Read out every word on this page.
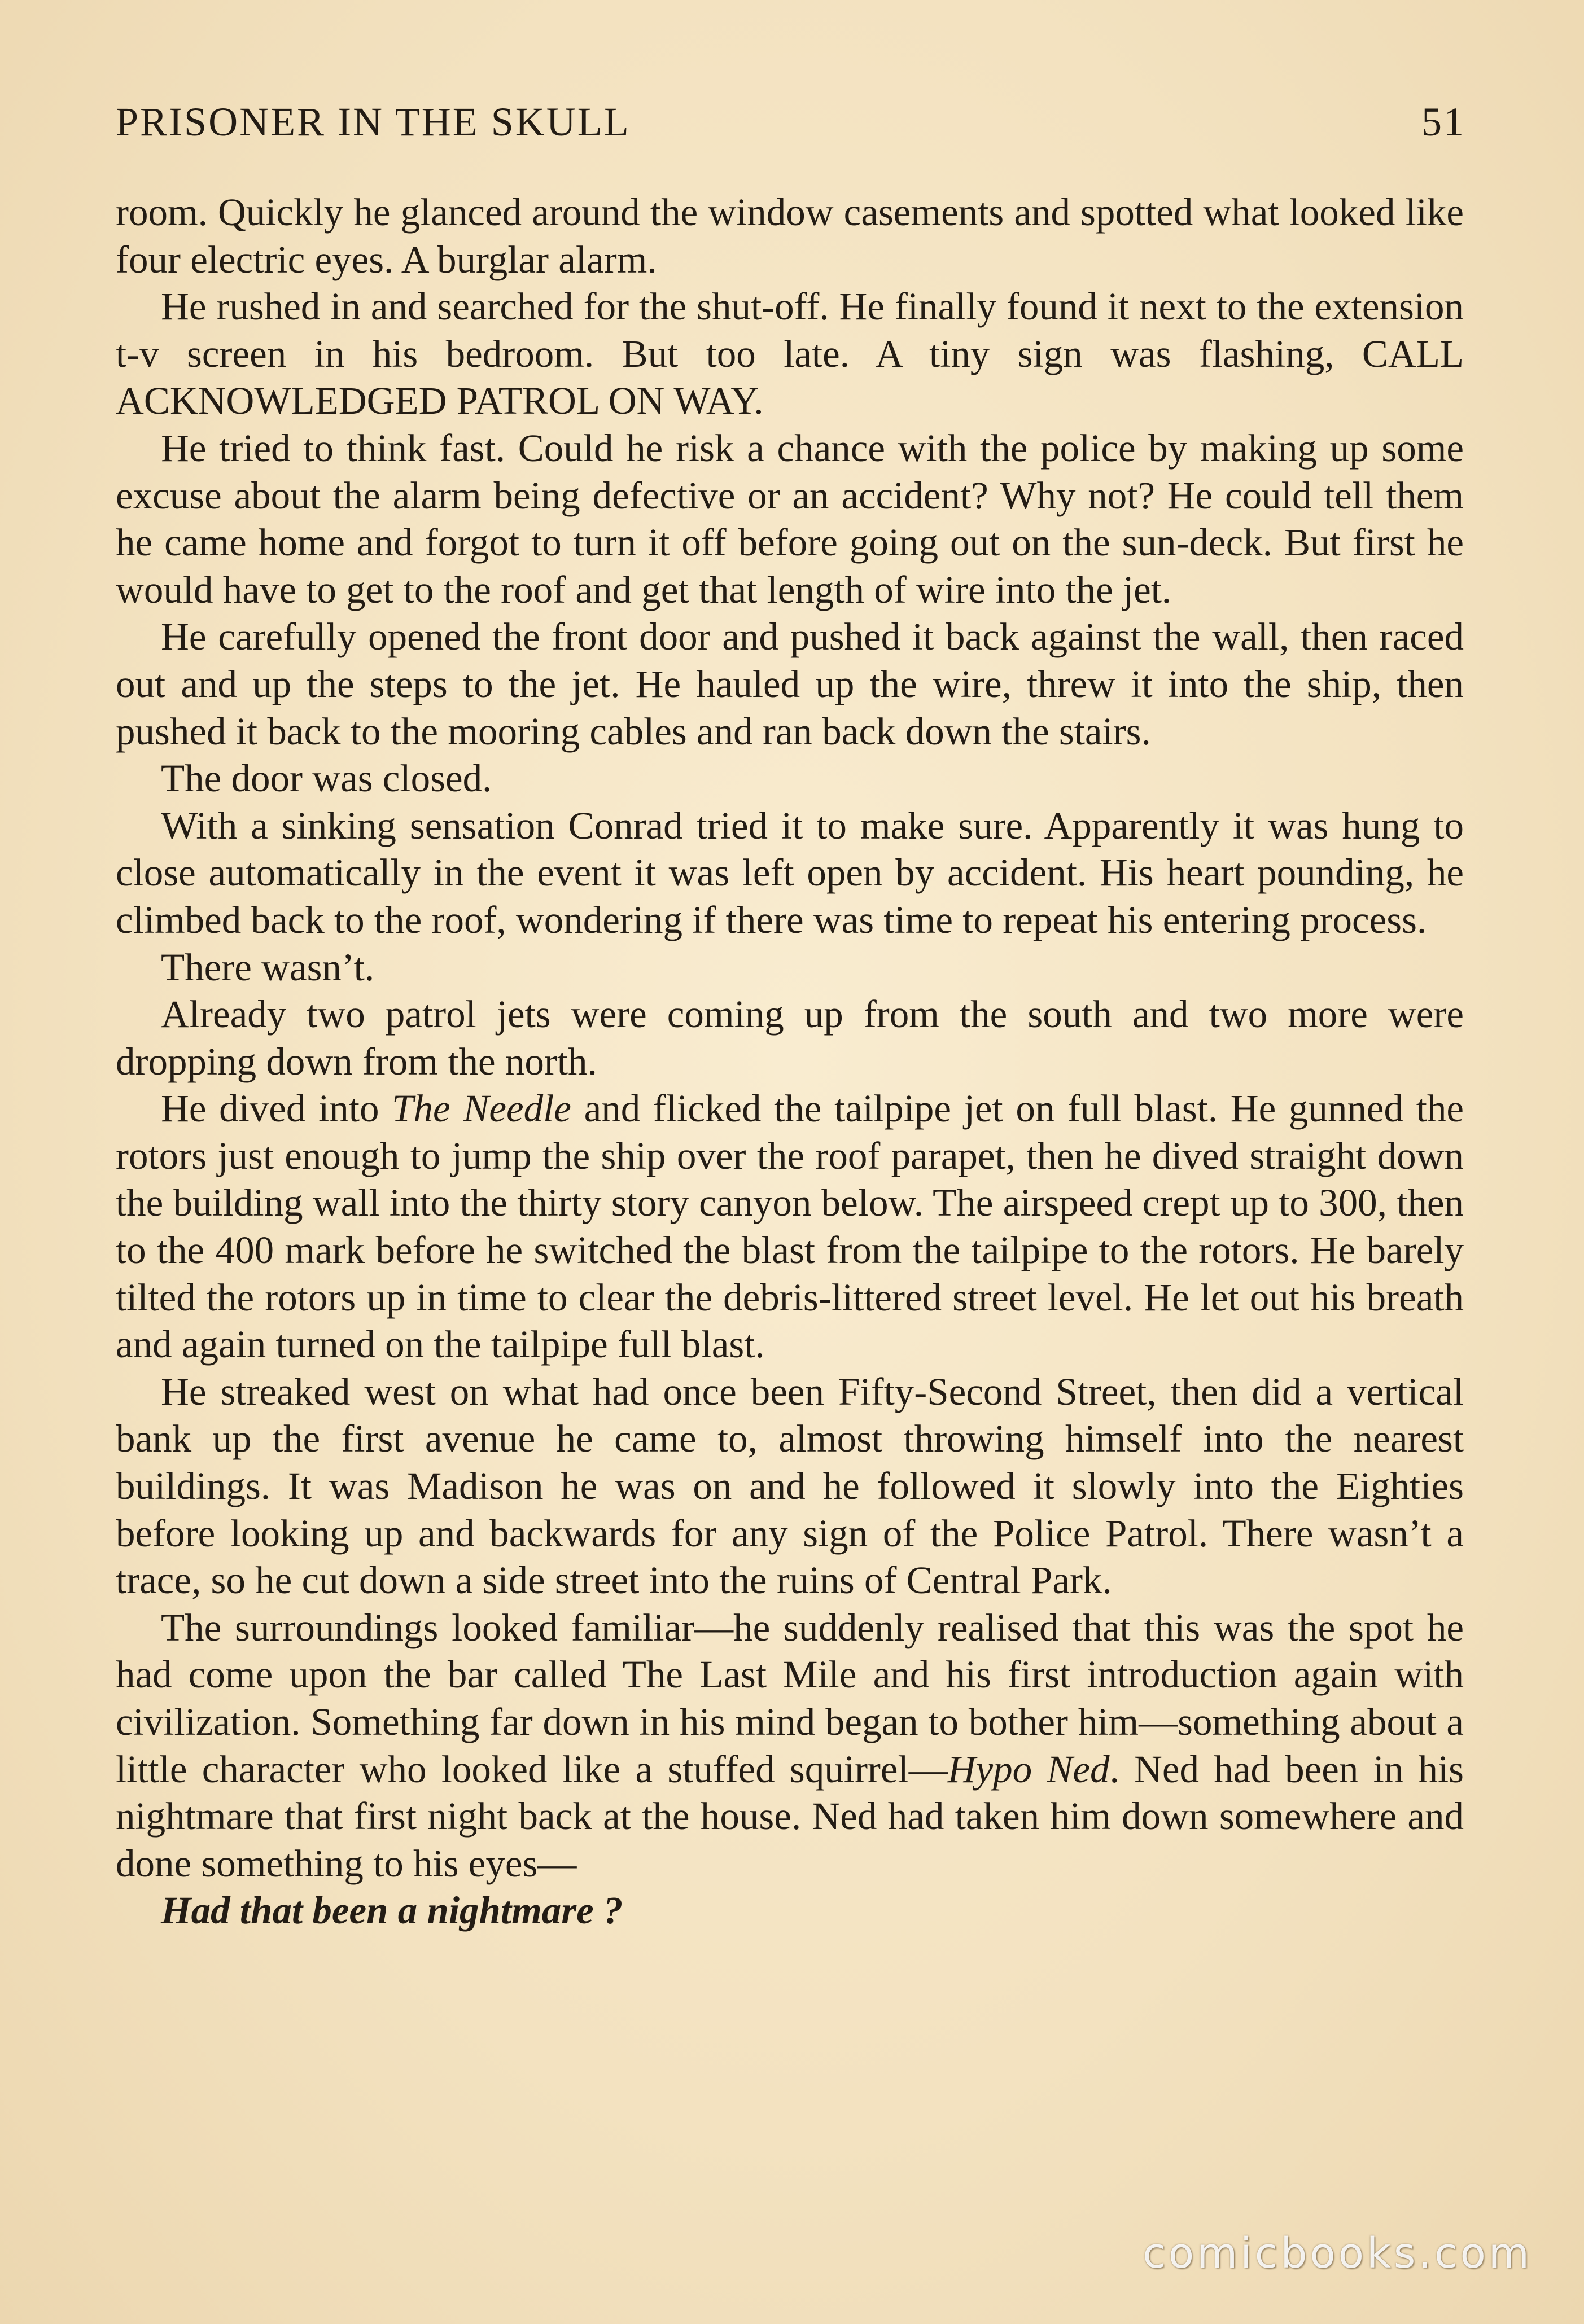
PRISONER IN THE SKULL	51

room. Quickly he glanced around the window casements and spotted what looked like four electric eyes. A burglar alarm.

He rushed in and searched for the shut-off. He finally found it next to the extension t-v screen in his bedroom. But too late. A tiny sign was flashing, CALL ACKNOWLEDGED PATROL ON WAY.

He tried to think fast. Could he risk a chance with the police by making up some excuse about the alarm being defective or an accident? Why not? He could tell them he came home and forgot to turn it off before going out on the sun-deck. But first he would have to get to the roof and get that length of wire into the jet.

He carefully opened the front door and pushed it back against the wall, then raced out and up the steps to the jet. He hauled up the wire, threw it into the ship, then pushed it back to the mooring cables and ran back down the stairs.

The door was closed.

With a sinking sensation Conrad tried it to make sure. Apparently it was hung to close automatically in the event it was left open by accident. His heart pounding, he climbed back to the roof, wondering if there was time to repeat his entering process.

There wasn’t.

Already two patrol jets were coming up from the south and two more were dropping down from the north.

He dived into The Needle and flicked the tailpipe jet on full blast. He gunned the rotors just enough to jump the ship over the roof parapet, then he dived straight down the building wall into the thirty story canyon below. The airspeed crept up to 300, then to the 400 mark before he switched the blast from the tailpipe to the rotors. He barely tilted the rotors up in time to clear the debris-littered street level. He let out his breath and again turned on the tailpipe full blast.

He streaked west on what had once been Fifty-Second Street, then did a vertical bank up the first avenue he came to, almost throwing himself into the nearest buildings. It was Madison he was on and he followed it slowly into the Eighties before looking up and backwards for any sign of the Police Patrol. There wasn’t a trace, so he cut down a side street into the ruins of Central Park.

The surroundings looked familiar—he suddenly realised that this was the spot he had come upon the bar called The Last Mile and his first introduction again with civilization. Something far down in his mind began to bother him—something about a little character who looked like a stuffed squirrel—Hypo Ned. Ned had been in his nightmare that first night back at the house. Ned had taken him down somewhere and done something to his eyes—

Had that been a nightmare ?

comicbooks.com
